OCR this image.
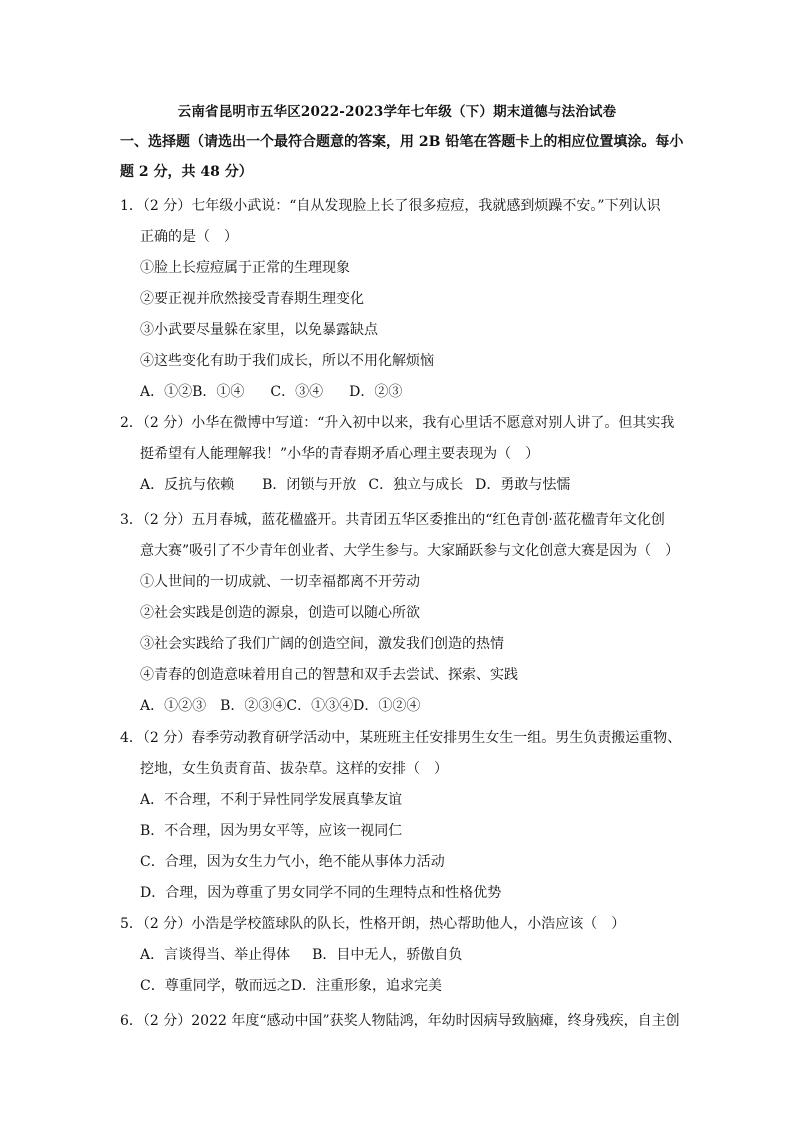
云南省昆明市五华区2022-2023学年七年级（下）期末道德与法治试卷
一、选择题（请选出一个最符合题意的答案，用 2B 铅笔在答题卡上的相应位置填涂。每小
题 2 分，共 48 分）
1．（2 分）七年级小武说：“自从发现脸上长了很多痘痘，我就感到烦躁不安。”下列认识
正确的是（　）
①脸上长痘痘属于正常的生理现象
②要正视并欣然接受青春期生理变化
③小武要尽量躲在家里，以免暴露缺点
④这些变化有助于我们成长，所以不用化解烦恼
A．①②B．①④ C．③④ D．②③
2．（2 分）小华在微博中写道：“升入初中以来，我有心里话不愿意对别人讲了。但其实我
挺希望有人能理解我！”小华的青春期矛盾心理主要表现为（　）
A．反抗与依赖 B．闭锁与开放 C．独立与成长 D．勇敢与怯懦
3．（2 分）五月春城，蓝花楹盛开。共青团五华区委推出的“红色青创·蓝花楹青年文化创
意大赛”吸引了不少青年创业者、大学生参与。大家踊跃参与文化创意大赛是因为（　）
①人世间的一切成就、一切幸福都离不开劳动
②社会实践是创造的源泉，创造可以随心所欲
③社会实践给了我们广阔的创造空间，激发我们创造的热情
④青春的创造意味着用自己的智慧和双手去尝试、探索、实践
A．①②③ B．②③④C．①③④D．①②④
4．（2 分）春季劳动教育研学活动中，某班班主任安排男生女生一组。男生负责搬运重物、
挖地，女生负责育苗、拔杂草。这样的安排（　）
A．不合理，不利于异性同学发展真挚友谊
B．不合理，因为男女平等，应该一视同仁
C．合理，因为女生力气小，绝不能从事体力活动
D．合理，因为尊重了男女同学不同的生理特点和性格优势
5．（2 分）小浩是学校篮球队的队长，性格开朗，热心帮助他人，小浩应该（　）
A．言谈得当、举止得体 B．目中无人，骄傲自负
C．尊重同学，敬而远之D．注重形象，追求完美
6．（2 分）2022 年度“感动中国”获奖人物陆鸿，年幼时因病导致脑瘫，终身残疾，自主创
